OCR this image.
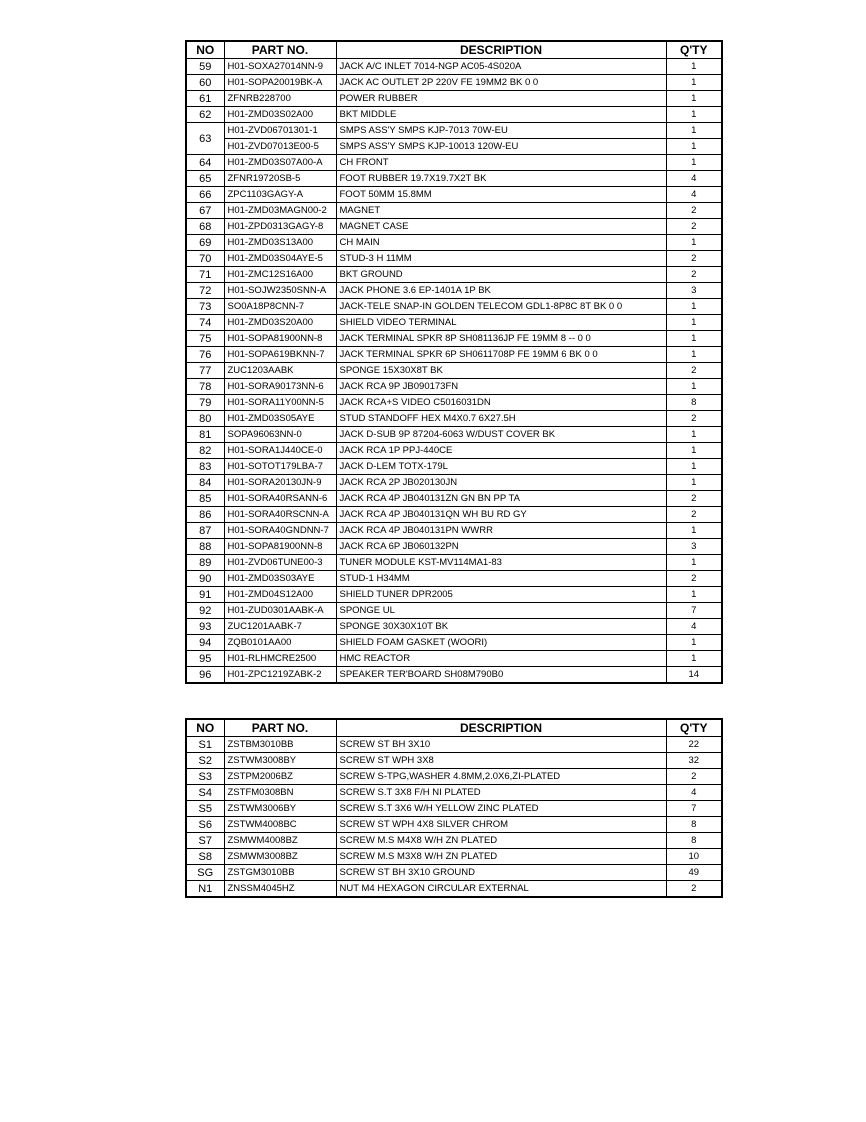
NO	PART NO.	DESCRIPTION	Q'TY
59	H01-SOXA27014NN-9	JACK A/C INLET 7014-NGP AC05-4S020A	1
60	H01-SOPA20019BK-A	JACK AC OUTLET 2P 220V FE 19MM2 BK 0 0	1
61	ZFNRB228700	POWER RUBBER	1
62	H01-ZMD03S02A00	BKT MIDDLE	1
63	H01-ZVD06701301-1	SMPS ASS'Y SMPS KJP-7013 70W-EU	1
	H01-ZVD07013E00-5	SMPS ASS'Y SMPS KJP-10013 120W-EU	1
64	H01-ZMD03S07A00-A	CH FRONT	1
65	ZFNR19720SB-5	FOOT RUBBER 19.7X19.7X2T BK	4
66	ZPC1103GAGY-A	FOOT 50MM 15.8MM	4
67	H01-ZMD03MAGN00-2	MAGNET	2
68	H01-ZPD0313GAGY-8	MAGNET CASE	2
69	H01-ZMD03S13A00	CH MAIN	1
70	H01-ZMD03S04AYE-5	STUD-3 H 11MM	2
71	H01-ZMC12S16A00	BKT GROUND	2
72	H01-SOJW2350SNN-A	JACK PHONE 3.6 EP-1401A 1P BK	3
73	SO0A18P8CNN-7	JACK-TELE SNAP-IN GOLDEN TELECOM GDL1-8P8C 8T BK 0 0	1
74	H01-ZMD03S20A00	SHIELD VIDEO TERMINAL	1
75	H01-SOPA81900NN-8	JACK TERMINAL SPKR 8P SH081136JP FE 19MM 8 -- 0 0	1
76	H01-SOPA619BKNN-7	JACK TERMINAL SPKR 6P SH0611708P FE 19MM 6 BK 0 0	1
77	ZUC1203AABK	SPONGE 15X30X8T BK	2
78	H01-SORA90173NN-6	JACK RCA 9P JB090173FN	1
79	H01-SORA11Y00NN-5	JACK RCA+S VIDEO C5016031DN	8
80	H01-ZMD03S05AYE	STUD STANDOFF HEX M4X0.7 6X27.5H	2
81	SOPA96063NN-0	JACK D-SUB 9P 87204-6063 W/DUST COVER BK	1
82	H01-SORA1J440CE-0	JACK RCA 1P PPJ-440CE	1
83	H01-SOTOT179LBA-7	JACK D-LEM TOTX-179L	1
84	H01-SORA20130JN-9	JACK RCA 2P JB020130JN	1
85	H01-SORA40RSANN-6	JACK RCA 4P JB040131ZN GN BN PP TA	2
86	H01-SORA40RSCNN-A	JACK RCA 4P JB040131QN WH BU RD GY	2
87	H01-SORA40GNDNN-7	JACK RCA 4P JB040131PN WWRR	1
88	H01-SOPA81900NN-8	JACK RCA 6P JB060132PN	3
89	H01-ZVD06TUNE00-3	TUNER MODULE KST-MV114MA1-83	1
90	H01-ZMD03S03AYE	STUD-1 H34MM	2
91	H01-ZMD04S12A00	SHIELD TUNER DPR2005	1
92	H01-ZUD0301AABK-A	SPONGE UL	7
93	ZUC1201AABK-7	SPONGE 30X30X10T BK	4
94	ZQB0101AA00	SHIELD FOAM GASKET (WOORI)	1
95	H01-RLHMCRE2500	HMC REACTOR	1
96	H01-ZPC1219ZABK-2	SPEAKER TER'BOARD SH08M790B0	14
NO	PART NO.	DESCRIPTION	Q'TY
S1	ZSTBM3010BB	SCREW ST BH 3X10	22
S2	ZSTWM3008BY	SCREW ST WPH 3X8	32
S3	ZSTPM2006BZ	SCREW S-TPG,WASHER 4.8MM,2.0X6,ZI-PLATED	2
S4	ZSTFM0308BN	SCREW S.T 3X8 F/H NI PLATED	4
S5	ZSTWM3006BY	SCREW S.T 3X6 W/H YELLOW ZINC PLATED	7
S6	ZSTWM4008BC	SCREW ST WPH 4X8 SILVER CHROM	8
S7	ZSMWM4008BZ	SCREW M.S M4X8 W/H ZN PLATED	8
S8	ZSMWM3008BZ	SCREW M.S M3X8 W/H ZN PLATED	10
SG	ZSTGM3010BB	SCREW ST BH 3X10 GROUND	49
N1	ZNSSM4045HZ	NUT M4 HEXAGON CIRCULAR EXTERNAL	2
